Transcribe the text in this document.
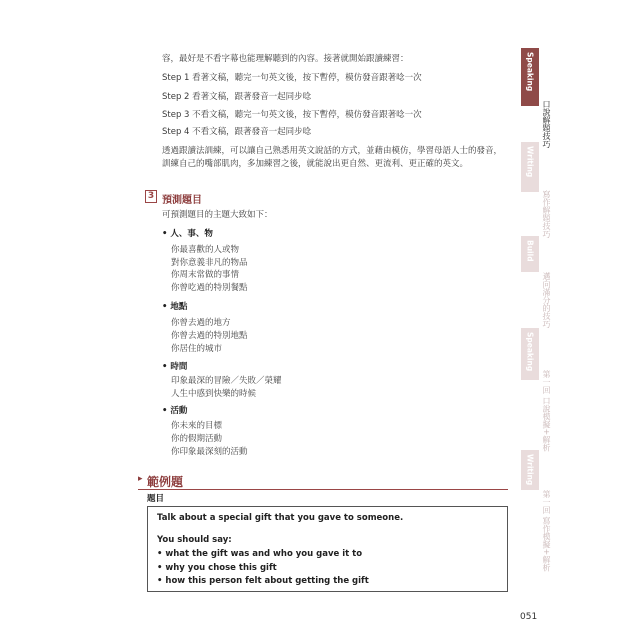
容，最好是不看字幕也能理解聽到的內容。接著就開始跟讀練習：
Step 1 看著文稿，聽完一句英文後，按下暫停，模仿發音跟著唸一次
Step 2 看著文稿，跟著發音一起同步唸
Step 3 不看文稿，聽完一句英文後，按下暫停，模仿發音跟著唸一次
Step 4 不看文稿，跟著發音一起同步唸
透過跟讀法訓練，可以讓自己熟悉用英文說話的方式，並藉由模仿，學習母語人士的發音，
訓練自己的嘴部肌肉，多加練習之後，就能說出更自然、更流利、更正確的英文。
3 預測題目
可預測題目的主題大致如下：
• 人、事、物
你最喜歡的人或物
對你意義非凡的物品
你周末常做的事情
你曾吃過的特別餐點
• 地點
你曾去過的地方
你曾去過的特別地點
你居住的城市
• 時間
印象最深的冒險／失敗／榮耀
人生中感到快樂的時候
• 活動
你未來的目標
你的假期活動
你印象最深刻的活動
▸ 範例題
題目
Talk about a special gift that you gave to someone.
You should say:
• what the gift was and who you gave it to
• why you chose this gift
• how this person felt about getting the gift
051
Speaking
口說解題技巧
Writing
寫作解題技巧
Build
邁向滿分的技巧
Speaking
第一回 口說模擬+解析
Writing
第一回 寫作模擬+解析
